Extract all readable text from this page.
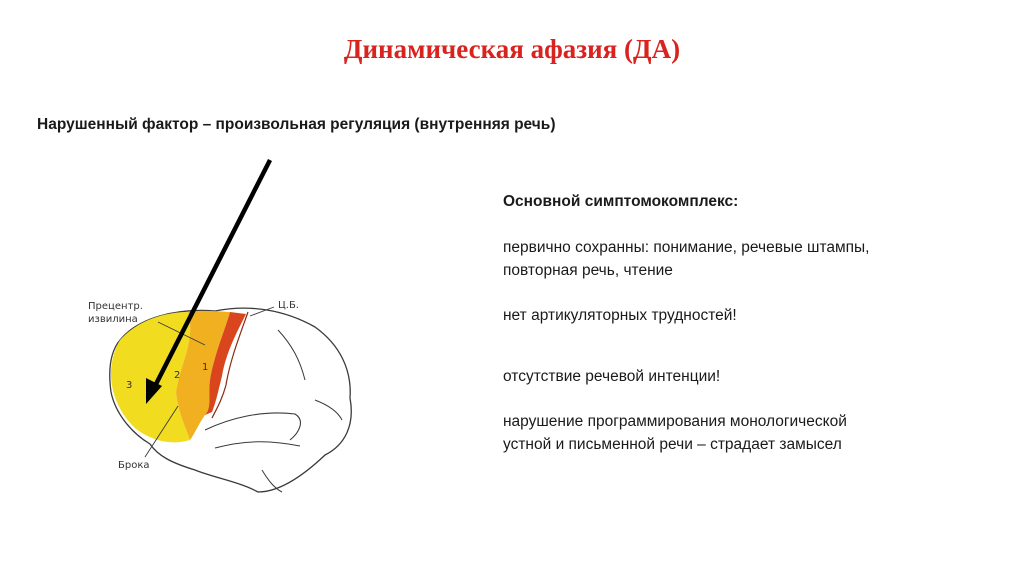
Динамическая афазия (ДА)
Нарушенный фактор – произвольная регуляция (внутренняя речь)

Основной симптомокомплекс:

первично сохранны: понимание, речевые штампы,

повторная речь, чтение

нет артикуляторных трудностей!

отсутствие речевой интенции!

нарушение программирования монологической

устной и письменной речи – страдает замысел

Прецентр.
извилина
Ц.Б.
Брока
3
2
1
